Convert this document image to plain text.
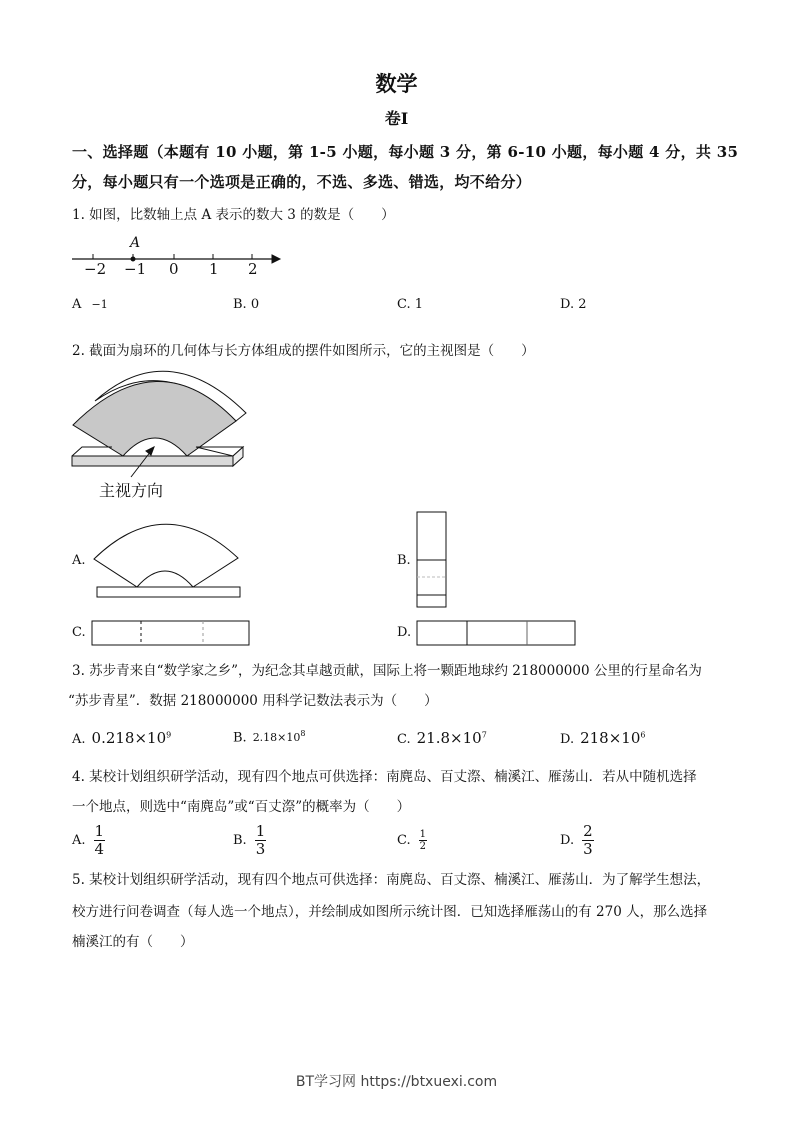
数学
卷Ⅰ
一、选择题（本题有 10 小题，第 1-5 小题，每小题 3 分，第 6-10 小题，每小题 4 分，共 35
分，每小题只有一个选项是正确的，不选、多选、错选，均不给分）
1. 如图，比数轴上点 A 表示的数大 3 的数是（　　）
A
−2 −1 0 1 2
A −1	B. 0	C. 1	D. 2
2. 截面为扇环的几何体与长方体组成的摆件如图所示，它的主视图是（　　）
主视方向
A.	B.
C.	D.
3. 苏步青来自“数学家之乡”，为纪念其卓越贡献，国际上将一颗距地球约 218000000 公里的行星命名为
“苏步青星”．数据 218000000 用科学记数法表示为（　　）
A. $0.218\times 10^9$	B. $2.18\times 10^8$	C. $21.8\times 10^7$	D. $218\times 10^6$
4. 某校计划组织研学活动，现有四个地点可供选择：南麂岛、百丈漈、楠溪江、雁荡山．若从中随机选择
一个地点，则选中“南麂岛”或“百丈漈”的概率为（　　）
A. $\frac{1}{4}$	B. $\frac{1}{3}$	C. $\frac{1}{2}$	D. $\frac{2}{3}$
5. 某校计划组织研学活动，现有四个地点可供选择：南麂岛、百丈漈、楠溪江、雁荡山．为了解学生想法，
校方进行问卷调查（每人选一个地点），并绘制成如图所示统计图．已知选择雁荡山的有 270 人，那么选择
楠溪江的有（　　）
BT学习网 https://btxuexi.com
